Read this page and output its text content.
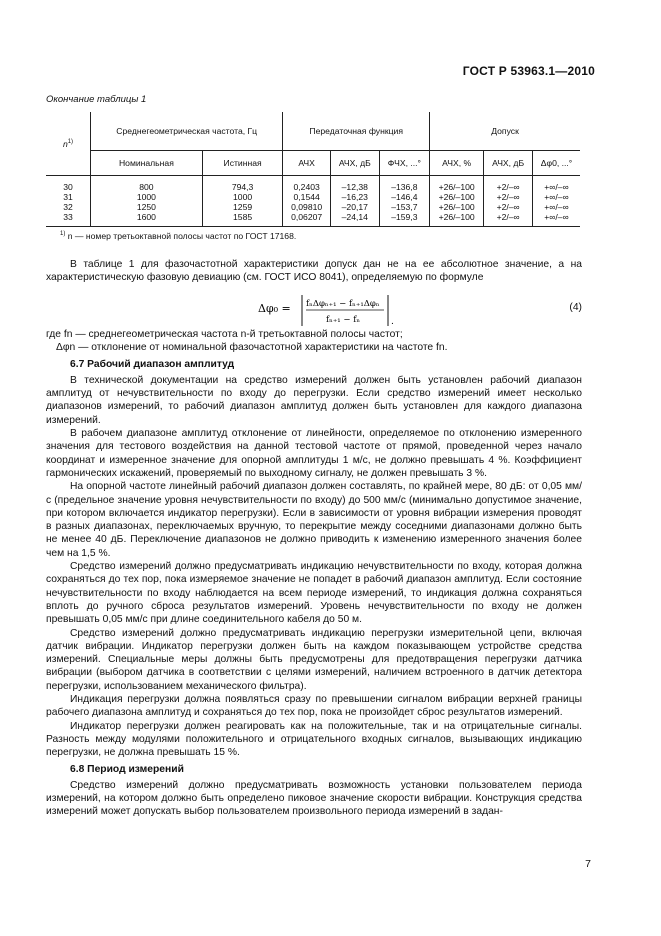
ГОСТ Р 53963.1—2010
Окончание таблицы 1
$n^{1)}$	Среднегеометрическая частота, Гц		Передаточная функция			Допуск		
	Номинальная	Истинная	АЧХ	АЧХ, дБ	ФЧХ, ...°	АЧХ, %	АЧХ, дБ	Δφ0, ...°
30	800	794,3	0,2403	–12,38	–136,8	+26/–100	+2/–∞	+∞/–∞
31	1000	1000	0,1544	–16,23	–146,4	+26/–100	+2/–∞	+∞/–∞
32	1250	1259	0,09810	–20,17	–153,7	+26/–100	+2/–∞	+∞/–∞
33	1600	1585	0,06207	–24,14	–159,3	+26/–100	+2/–∞	+∞/–∞
$^{1)}$ n — номер третьоктавной полосы частот по ГОСТ 17168.								

В таблице 1 для фазочастотной характеристики допуск дан не на ее абсолютное значение, а на характеристическую фазовую девиацию (см. ГОСТ ИСО 8041), определяемую по формуле

Δφ₀ = fₙΔφₙ₊₁ − fₙ₊₁Δφₙ
fₙ₊₁ − fₙ	.
(4)
где fn — среднегеометрическая частота n-й третьоктавной полосы частот;
Δφn — отклонение от номинальной фазочастотной характеристики на частоте fn.
6.7 Рабочий диапазон амплитуд

В технической документации на средство измерений должен быть установлен рабочий диапазон амплитуд от нечувствительности по входу до перегрузки. Если средство измерений имеет несколько диапазонов измерений, то рабочий диапазон амплитуд должен быть установлен для каждого диапазона измерений.

В рабочем диапазоне амплитуд отклонение от линейности, определяемое по отклонению измеренного значения для тестового воздействия на данной тестовой частоте от прямой, проведенной через начало координат и измеренное значение для опорной амплитуды 1 м/с, не должно превышать 4 %. Коэффициент гармонических искажений, проверяемый по выходному сигналу, не должен превышать 3 %.

На опорной частоте линейный рабочий диапазон должен составлять, по крайней мере, 80 дБ: от 0,05 мм/с (предельное значение уровня нечувствительности по входу) до 500 мм/с (минимально допустимое значение, при котором включается индикатор перегрузки). Если в зависимости от уровня вибрации измерения проводят в разных диапазонах, переключаемых вручную, то перекрытие между соседними диапазонами должно быть не менее 40 дБ. Переключение диапазонов не должно приводить к изменению измеренного значения более чем на 1,5 %.

Средство измерений должно предусматривать индикацию нечувствительности по входу, которая должна сохраняться до тех пор, пока измеряемое значение не попадет в рабочий диапазон амплитуд. Если состояние нечувствительности по входу наблюдается на всем периоде измерений, то индикация должна сохраняться вплоть до ручного сброса результатов измерений. Уровень нечувствительности по входу не должен превышать 0,05 мм/с при длине соединительного кабеля до 50 м.

Средство измерений должно предусматривать индикацию перегрузки измерительной цепи, включая датчик вибрации. Индикатор перегрузки должен быть на каждом показывающем устройстве средства измерений. Специальные меры должны быть предусмотрены для предотвращения перегрузки датчика вибрации (выбором датчика в соответствии с целями измерений, наличием встроенного в датчик детектора перегрузки, использованием механического фильтра).

Индикация перегрузки должна появляться сразу по превышении сигналом вибрации верхней границы рабочего диапазона амплитуд и сохраняться до тех пор, пока не произойдет сброс результатов измерений.

Индикатор перегрузки должен реагировать как на положительные, так и на отрицательные сигналы. Разность между модулями положительного и отрицательного входных сигналов, вызывающих индикацию перегрузки, не должна превышать 15 %.

6.8 Период измерений

Средство измерений должно предусматривать возможность установки пользователем периода измерений, на котором должно быть определено пиковое значение скорости вибрации. Конструкция средства измерений может допускать выбор пользователем произвольного периода измерений в задан-

7
